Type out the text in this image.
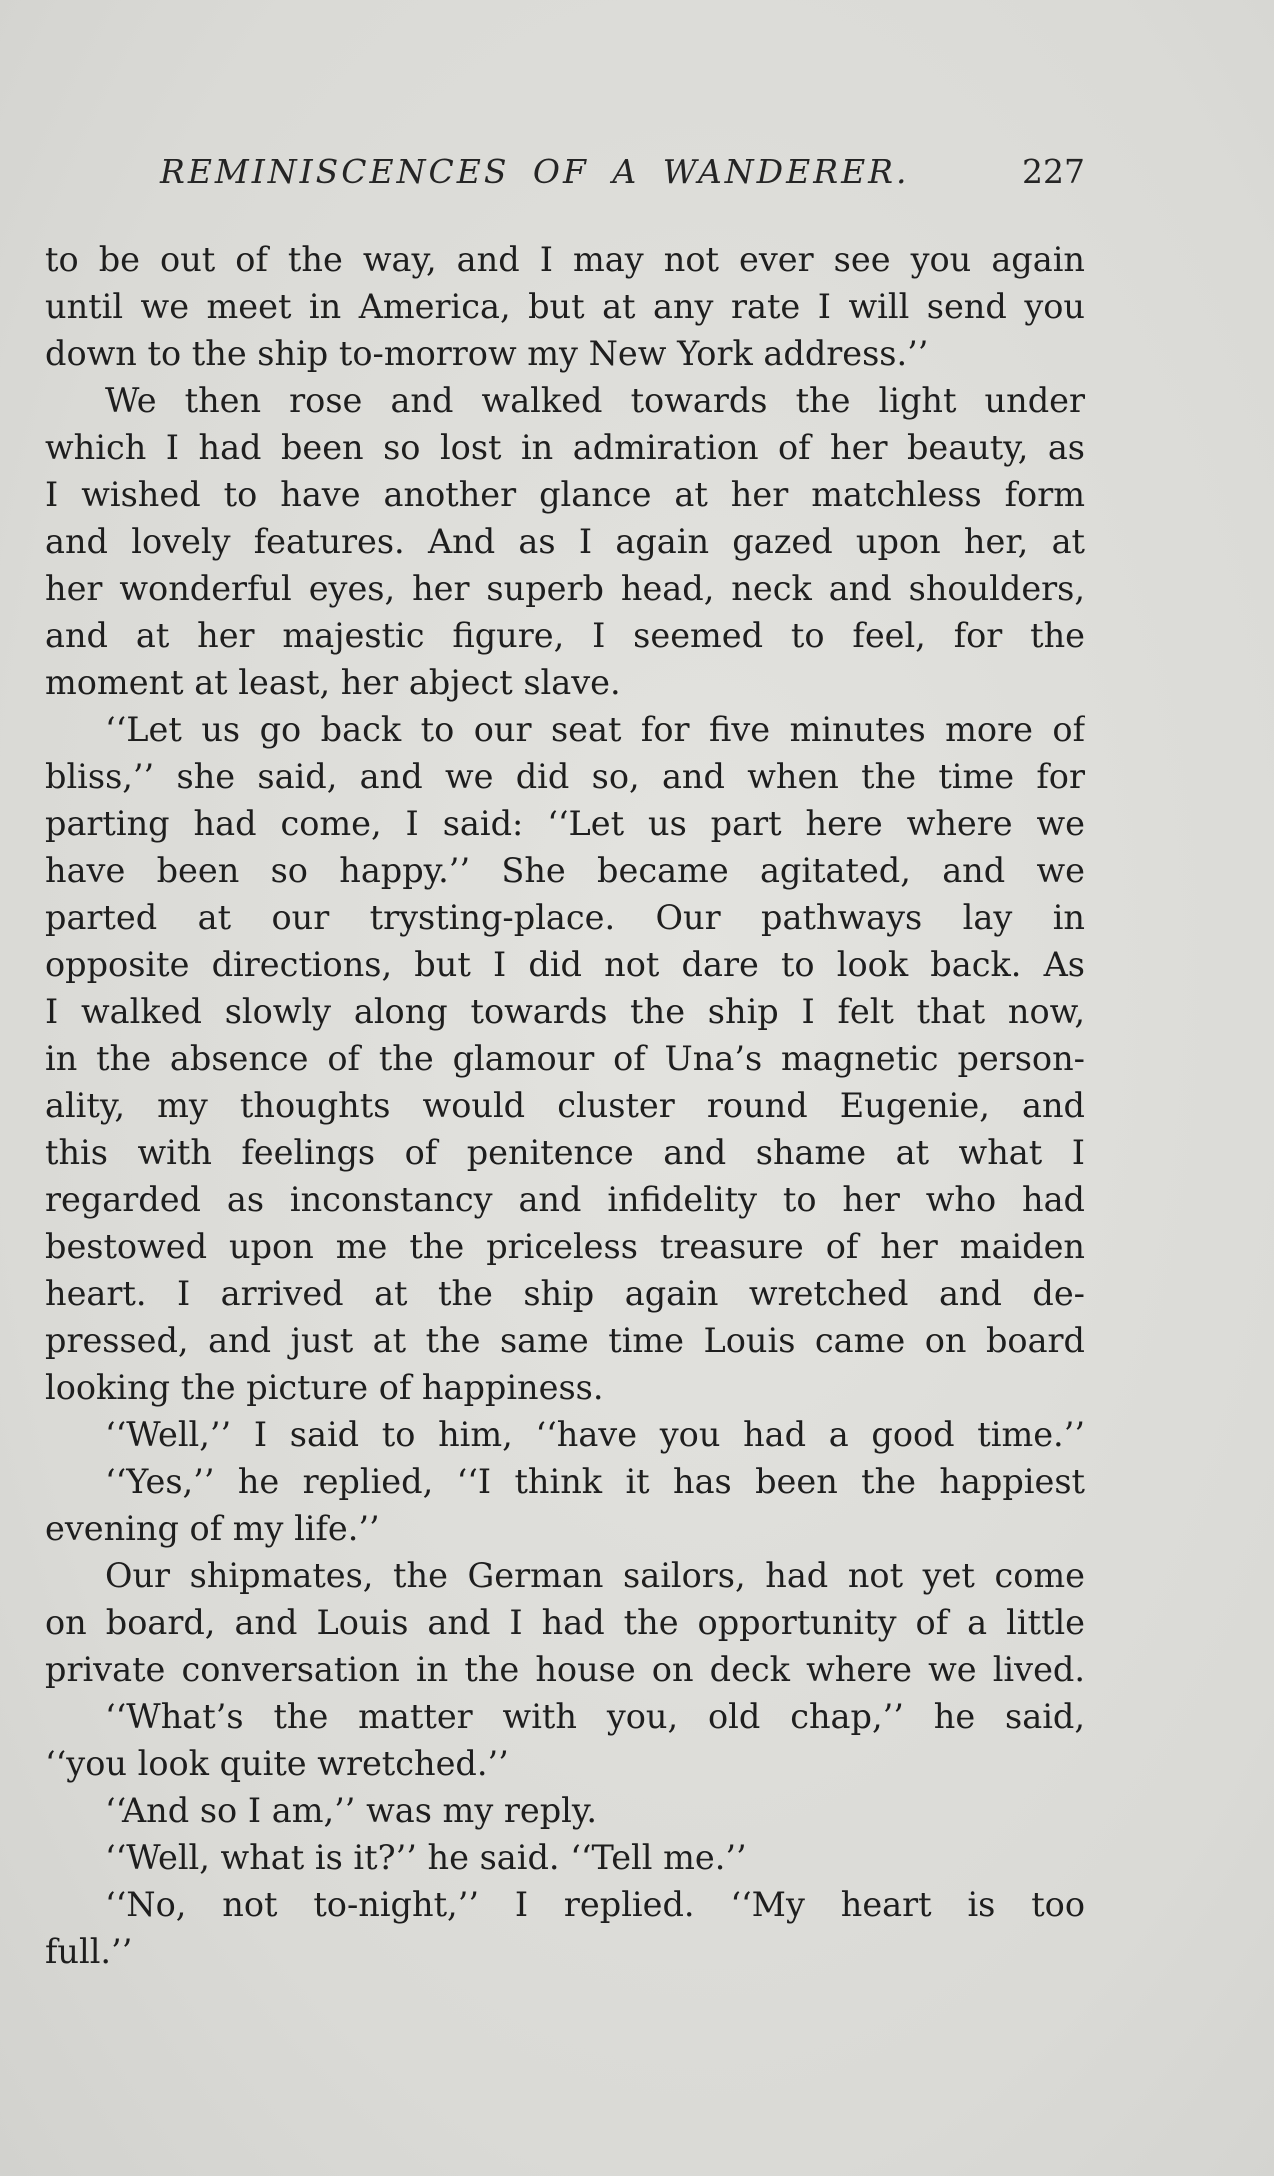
REMINISCENCES OF A WANDERER.	227
to be out of the way, and I may not ever see you again
until we meet in America, but at any rate I will send you
down to the ship to-morrow my New York address.’’
We then rose and walked towards the light under
which I had been so lost in admiration of her beauty, as
I wished to have another glance at her matchless form
and lovely features. And as I again gazed upon her, at
her wonderful eyes, her superb head, neck and shoulders,
and at her majestic figure, I seemed to feel, for the
moment at least, her abject slave.
‘‘Let us go back to our seat for five minutes more of
bliss,’’ she said, and we did so, and when the time for
parting had come, I said: ‘‘Let us part here where we
have been so happy.’’ She became agitated, and we
parted at our trysting-place. Our pathways lay in
opposite directions, but I did not dare to look back. As
I walked slowly along towards the ship I felt that now,
in the absence of the glamour of Una’s magnetic person-
ality, my thoughts would cluster round Eugenie, and
this with feelings of penitence and shame at what I
regarded as inconstancy and infidelity to her who had
bestowed upon me the priceless treasure of her maiden
heart. I arrived at the ship again wretched and de-
pressed, and just at the same time Louis came on board
looking the picture of happiness.
‘‘Well,’’ I said to him, ‘‘have you had a good time.’’
‘‘Yes,’’ he replied, ‘‘I think it has been the happiest
evening of my life.’’
Our shipmates, the German sailors, had not yet come
on board, and Louis and I had the opportunity of a little
private conversation in the house on deck where we lived.
‘‘What’s the matter with you, old chap,’’ he said,
‘‘you look quite wretched.’’
‘‘And so I am,’’ was my reply.
‘‘Well, what is it?’’ he said. ‘‘Tell me.’’
‘‘No, not to-night,’’ I replied. ‘‘My heart is too
full.’’
